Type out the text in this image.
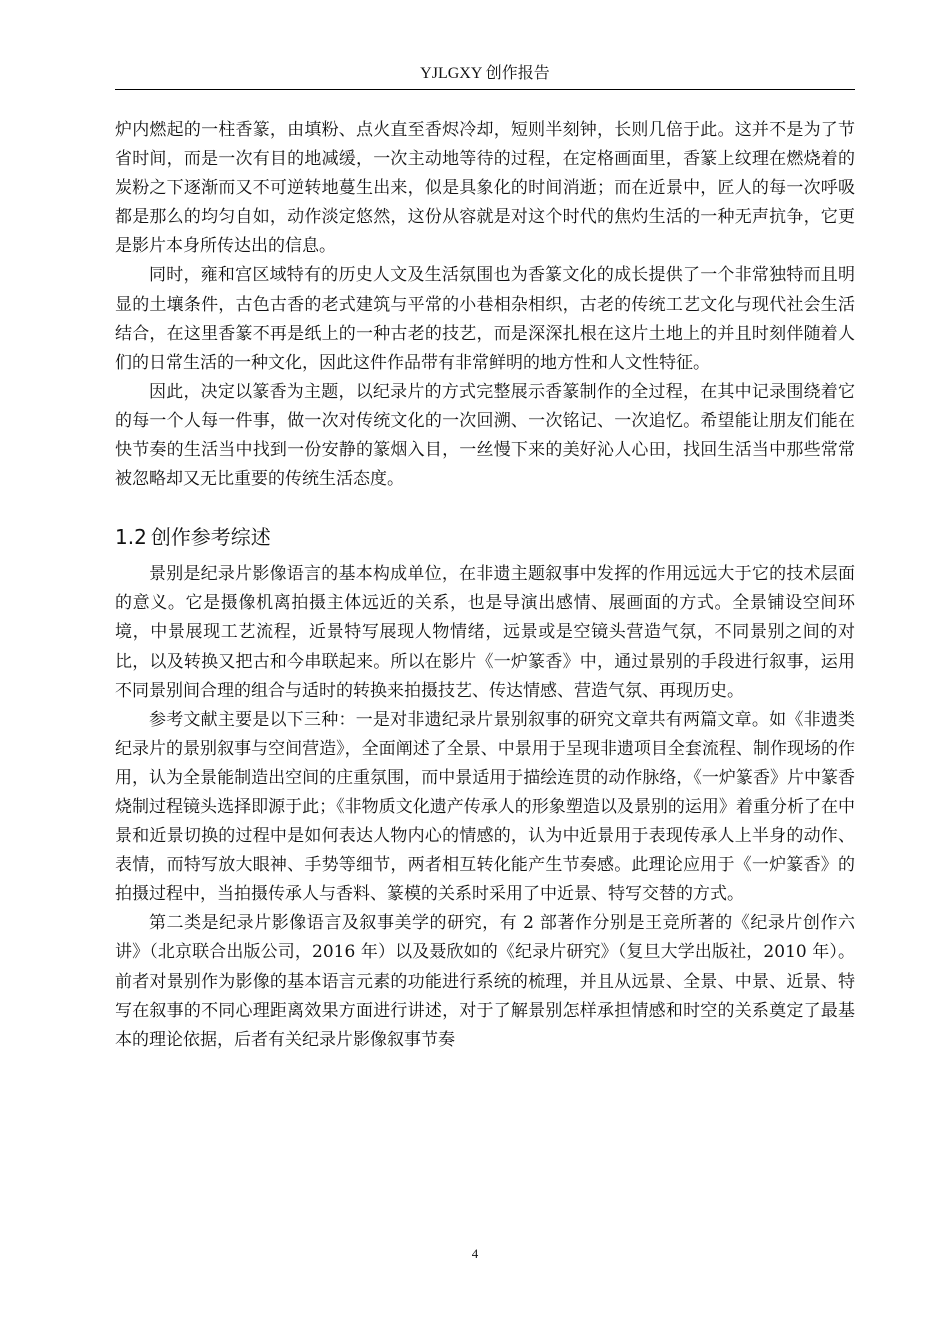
YJLGXY 创作报告

炉内燃起的一柱香篆，由填粉、点火直至香烬冷却，短则半刻钟，长则几倍于此。这并不是为了节省时间，而是一次有目的地减缓，一次主动地等待的过程，在定格画面里，香篆上纹理在燃烧着的炭粉之下逐渐而又不可逆转地蔓生出来，似是具象化的时间消逝；而在近景中，匠人的每一次呼吸都是那么的均匀自如，动作淡定悠然，这份从容就是对这个时代的焦灼生活的一种无声抗争，它更是影片本身所传达出的信息。

同时，雍和宫区域特有的历史人文及生活氛围也为香篆文化的成长提供了一个非常独特而且明显的土壤条件，古色古香的老式建筑与平常的小巷相杂相织，古老的传统工艺文化与现代社会生活结合，在这里香篆不再是纸上的一种古老的技艺，而是深深扎根在这片土地上的并且时刻伴随着人们的日常生活的一种文化，因此这件作品带有非常鲜明的地方性和人文性特征。

因此，决定以篆香为主题，以纪录片的方式完整展示香篆制作的全过程，在其中记录围绕着它的每一个人每一件事，做一次对传统文化的一次回溯、一次铭记、一次追忆。希望能让朋友们能在快节奏的生活当中找到一份安静的篆烟入目，一丝慢下来的美好沁人心田，找回生活当中那些常常被忽略却又无比重要的传统生活态度。

1.2 创作参考综述

景别是纪录片影像语言的基本构成单位，在非遗主题叙事中发挥的作用远远大于它的技术层面的意义。它是摄像机离拍摄主体远近的关系，也是导演出感情、展画面的方式。全景铺设空间环境，中景展现工艺流程，近景特写展现人物情绪，远景或是空镜头营造气氛，不同景别之间的对比，以及转换又把古和今串联起来。所以在影片《一炉篆香》中，通过景别的手段进行叙事，运用不同景别间合理的组合与适时的转换来拍摄技艺、传达情感、营造气氛、再现历史。

参考文献主要是以下三种：一是对非遗纪录片景别叙事的研究文章共有两篇文章。如《非遗类纪录片的景别叙事与空间营造》，全面阐述了全景、中景用于呈现非遗项目全套流程、制作现场的作用，认为全景能制造出空间的庄重氛围，而中景适用于描绘连贯的动作脉络，《一炉篆香》片中篆香烧制过程镜头选择即源于此；《非物质文化遗产传承人的形象塑造以及景别的运用》着重分析了在中景和近景切换的过程中是如何表达人物内心的情感的，认为中近景用于表现传承人上半身的动作、表情，而特写放大眼神、手势等细节，两者相互转化能产生节奏感。此理论应用于《一炉篆香》的拍摄过程中，当拍摄传承人与香料、篆模的关系时采用了中近景、特写交替的方式。

第二类是纪录片影像语言及叙事美学的研究，有 2 部著作分别是王竞所著的《纪录片创作六讲》（北京联合出版公司，2016 年）以及聂欣如的《纪录片研究》（复旦大学出版社，2010 年）。前者对景别作为影像的基本语言元素的功能进行系统的梳理，并且从远景、全景、中景、近景、特写在叙事的不同心理距离效果方面进行讲述，对于了解景别怎样承担情感和时空的关系奠定了最基本的理论依据，后者有关纪录片影像叙事节奏

4
